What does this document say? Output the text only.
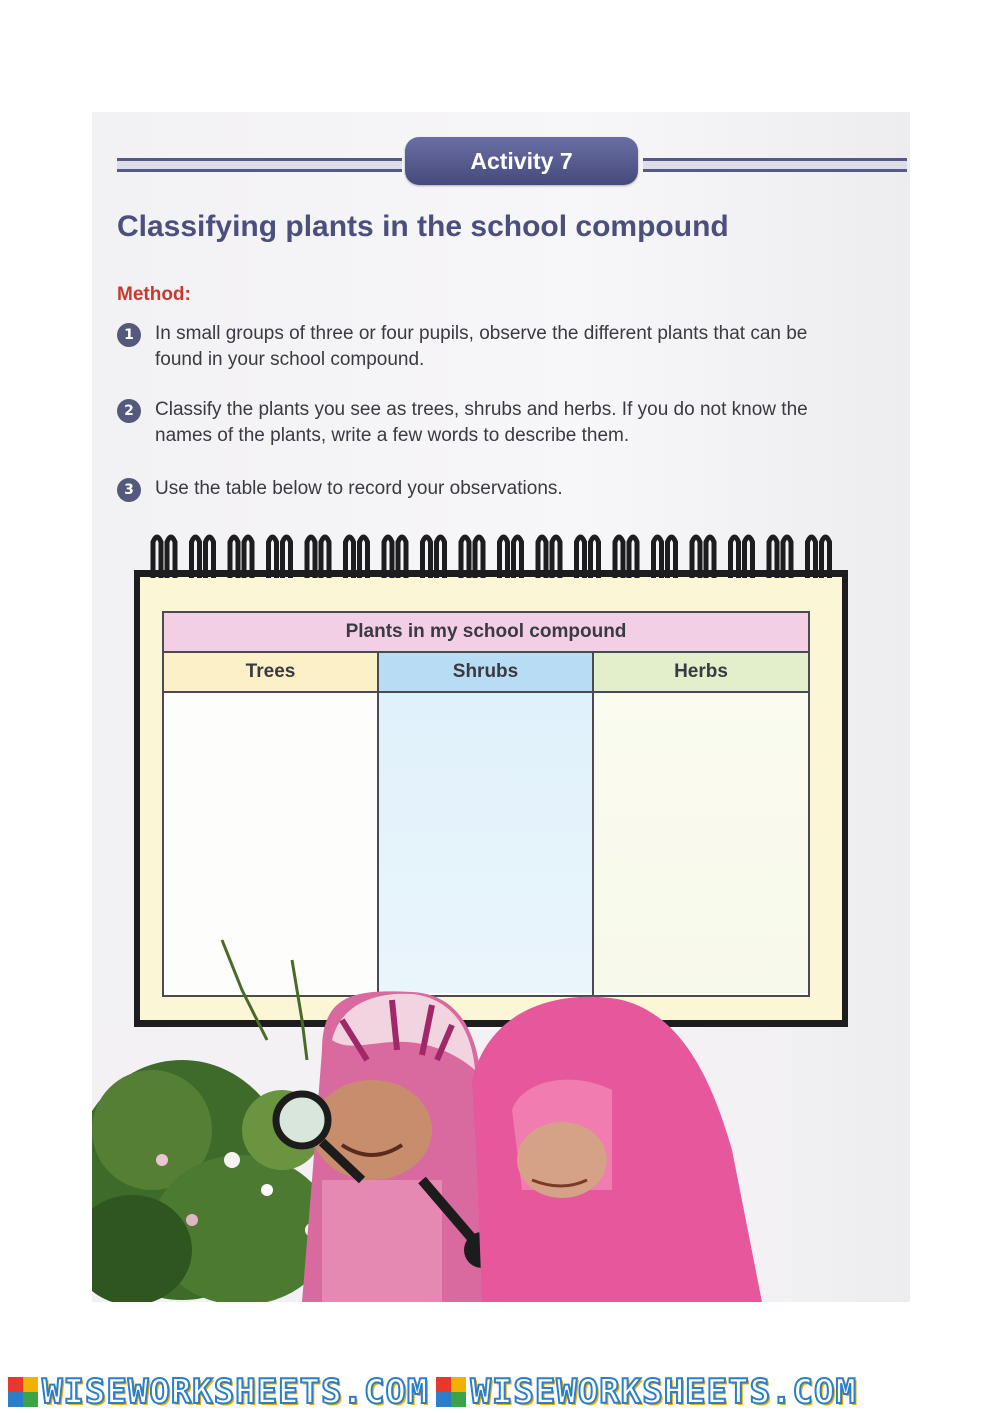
Activity 7
Classifying plants in the school compound
Method:
1	In small groups of three or four pupils, observe the different plants that can be found in your school compound.
2	Classify the plants you see as trees, shrubs and herbs. If you do not know the names of the plants, write a few words to describe them.
3	Use the table below to record your observations.
Plants in my school compound
Trees	Shrubs	Herbs
WISEWORKSHEETS.COM WISEWORKSHEETS.COM
